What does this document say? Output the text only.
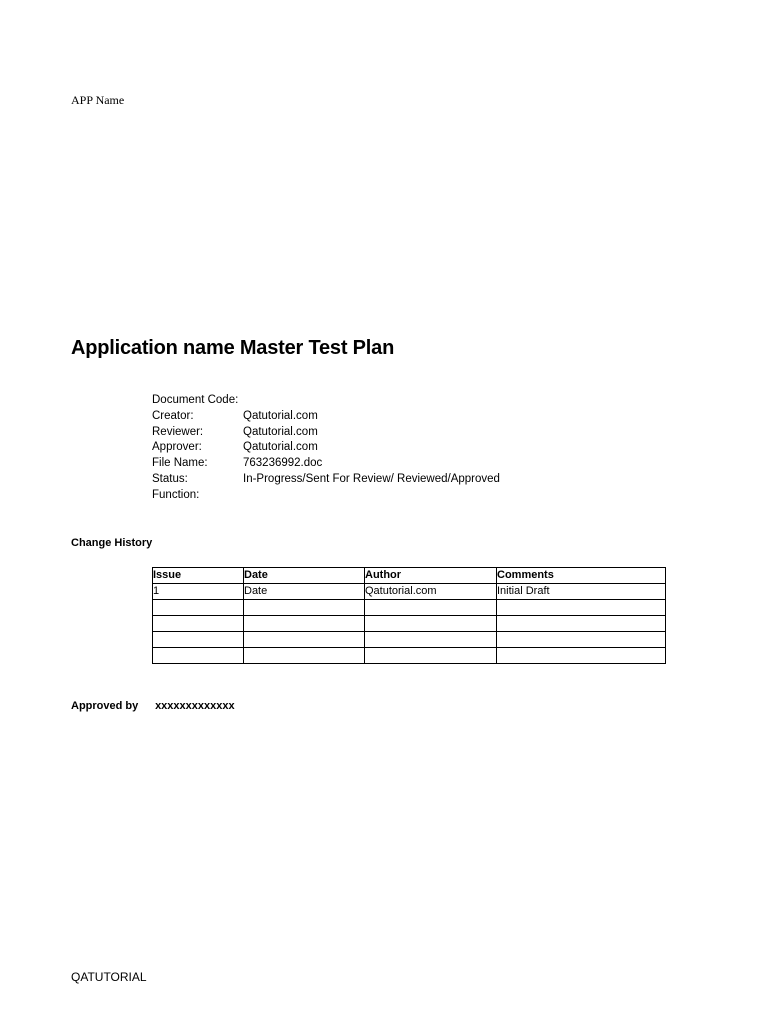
APP Name
Application name Master Test Plan
Document Code:
Creator:	Qatutorial.com
Reviewer:	Qatutorial.com
Approver:	Qatutorial.com
File Name:	763236992.doc
Status:	In-Progress/Sent For Review/ Reviewed/Approved
Function:
Change History
Issue	Date	Author	Comments
1	Date	Qatutorial.com	Initial Draft

Approved by xxxxxxxxxxxxx
QATUTORIAL
